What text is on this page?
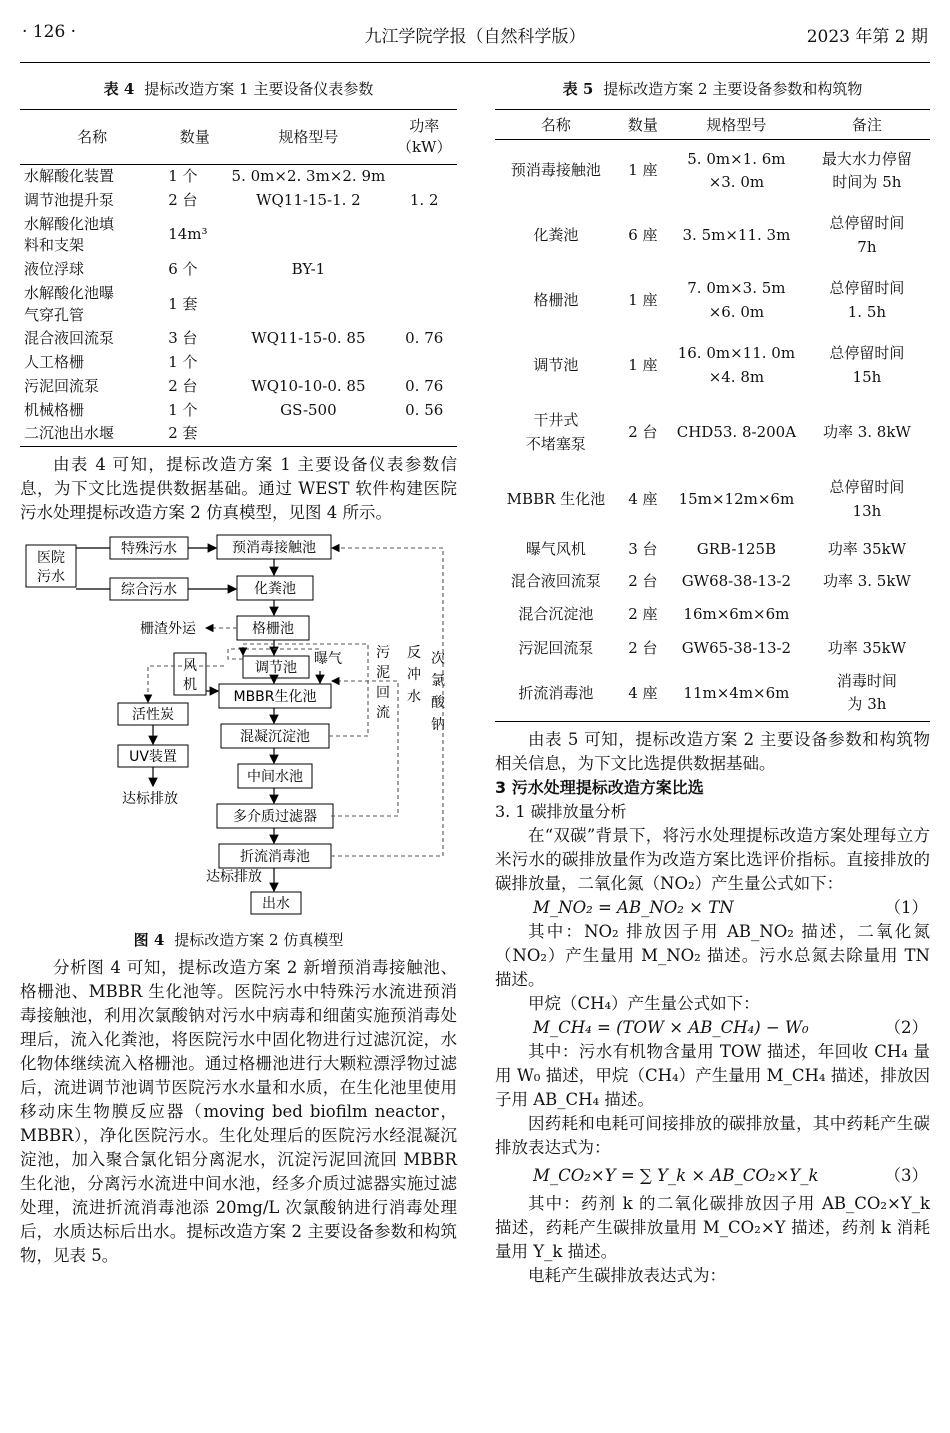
· 126 ·	九江学院学报（自然科学版）	2023 年第 2 期
表 4 提标改造方案 1 主要设备仪表参数
名称	数量	规格型号	功率
（kW）
水解酸化装置	1 个	5. 0m×2. 3m×2. 9m	
调节池提升泵	2 台	WQ11-15-1. 2	1. 2
水解酸化池填
料和支架	14m³		
液位浮球	6 个	BY-1	
水解酸化池曝
气穿孔管	1 套		
混合液回流泵	3 台	WQ11-15-0. 85	0. 76
人工格栅	1 个		
污泥回流泵	2 台	WQ10-10-0. 85	0. 76
机械格栅	1 个	GS-500	0. 56
二沉池出水堰	2 套		

由表 4 可知，提标改造方案 1 主要设备仪表参数信息，为下文比选提供数据基础。通过 WEST 软件构建医院污水处理提标改造方案 2 仿真模型，见图 4 所示。

医院
污水
特殊污水
综合污水
预消毒接触池
化粪池
格栅池
调节池
MBBR生化池
混凝沉淀池
中间水池
多介质过滤器
折流消毒池
出水
风
机
活性炭
UV装置
达标排放
栅渣外运
曝气
达标排放
污
泥
回
流
反
冲
水
次
氯
酸
钠
图 4 提标改造方案 2 仿真模型

分析图 4 可知，提标改造方案 2 新增预消毒接触池、格栅池、MBBR 生化池等。医院污水中特殊污水流进预消毒接触池，利用次氯酸钠对污水中病毒和细菌实施预消毒处理后，流入化粪池，将医院污水中固化物进行过滤沉淀，水化物体继续流入格栅池。通过格栅池进行大颗粒漂浮物过滤后，流进调节池调节医院污水水量和水质，在生化池里使用移动床生物膜反应器（moving bed biofilm neactor，MBBR），净化医院污水。生化处理后的医院污水经混凝沉淀池，加入聚合氯化铝分离泥水，沉淀污泥回流回 MBBR 生化池，分离污水流进中间水池，经多介质过滤器实施过滤处理，流进折流消毒池添 20mg/L 次氯酸钠进行消毒处理后，水质达标后出水。提标改造方案 2 主要设备参数和构筑物，见表 5。

表 5 提标改造方案 2 主要设备参数和构筑物
名称	数量	规格型号	备注
预消毒接触池	1 座	5. 0m×1. 6m
×3. 0m	最大水力停留
时间为 5h
化粪池	6 座	3. 5m×11. 3m	总停留时间
7h
格栅池	1 座	7. 0m×3. 5m
×6. 0m	总停留时间
1. 5h
调节池	1 座	16. 0m×11. 0m
×4. 8m	总停留时间
15h
干井式
不堵塞泵	2 台	CHD53. 8-200A	功率 3. 8kW
MBBR 生化池	4 座	15m×12m×6m	总停留时间
13h
曝气风机	3 台	GRB-125B	功率 35kW
混合液回流泵	2 台	GW68-38-13-2	功率 3. 5kW
混合沉淀池	2 座	16m×6m×6m	
污泥回流泵	2 台	GW65-38-13-2	功率 35kW
折流消毒池	4 座	11m×4m×6m	消毒时间
为 3h

由表 5 可知，提标改造方案 2 主要设备参数和构筑物相关信息，为下文比选提供数据基础。

3 污水处理提标改造方案比选
3. 1 碳排放量分析

在“双碳”背景下，将污水处理提标改造方案处理每立方米污水的碳排放量作为改造方案比选评价指标。直接排放的碳排放量，二氧化氮（NO₂）产生量公式如下：

M_NO₂ = AB_NO₂ × TN	（1）

其中：NO₂ 排放因子用 AB_NO₂ 描述，二氧化氮（NO₂）产生量用 M_NO₂ 描述。污水总氮去除量用 TN 描述。

甲烷（CH₄）产生量公式如下：

M_CH₄ = (TOW × AB_CH₄) − W₀	（2）

其中：污水有机物含量用 TOW 描述，年回收 CH₄ 量用 W₀ 描述，甲烷（CH₄）产生量用 M_CH₄ 描述，排放因子用 AB_CH₄ 描述。

因药耗和电耗可间接排放的碳排放量，其中药耗产生碳排放表达式为：

M_CO₂×Y = ∑ Y_k × AB_CO₂×Y_k	（3）

其中：药剂 k 的二氧化碳排放因子用 AB_CO₂×Y_k 描述，药耗产生碳排放量用 M_CO₂×Y 描述，药剂 k 消耗量用 Y_k 描述。

电耗产生碳排放表达式为：
